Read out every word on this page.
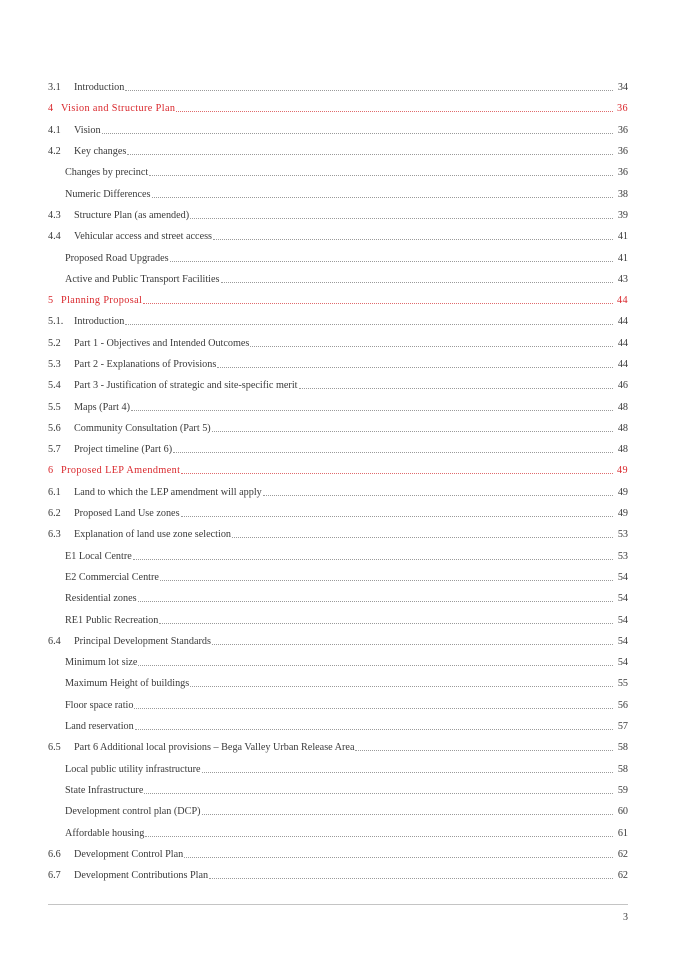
3.1	Introduction	34
4 Vision and Structure Plan	36
4.1	Vision	36
4.2	Key changes	36
Changes by precinct	36
Numeric Differences	38
4.3	Structure Plan (as amended)	39
4.4	Vehicular access and street access	41
Proposed Road Upgrades	41
Active and Public Transport Facilities	43
5 Planning Proposal	44
5.1.	Introduction	44
5.2	Part 1 - Objectives and Intended Outcomes	44
5.3	Part 2 - Explanations of Provisions	44
5.4	Part 3 - Justification of strategic and site-specific merit	46
5.5	Maps (Part 4)	48
5.6	Community Consultation (Part 5)	48
5.7	Project timeline (Part 6)	48
6 Proposed LEP Amendment	49
6.1	Land to which the LEP amendment will apply	49
6.2	Proposed Land Use zones	49
6.3	Explanation of land use zone selection	53
E1 Local Centre	53
E2 Commercial Centre	54
Residential zones	54
RE1 Public Recreation	54
6.4	Principal Development Standards	54
Minimum lot size	54
Maximum Height of buildings	55
Floor space ratio	56
Land reservation	57
6.5	Part 6 Additional local provisions – Bega Valley Urban Release Area	58
Local public utility infrastructure	58
State Infrastructure	59
Development control plan (DCP)	60
Affordable housing	61
6.6	Development Control Plan	62
6.7	Development Contributions Plan	62
3
